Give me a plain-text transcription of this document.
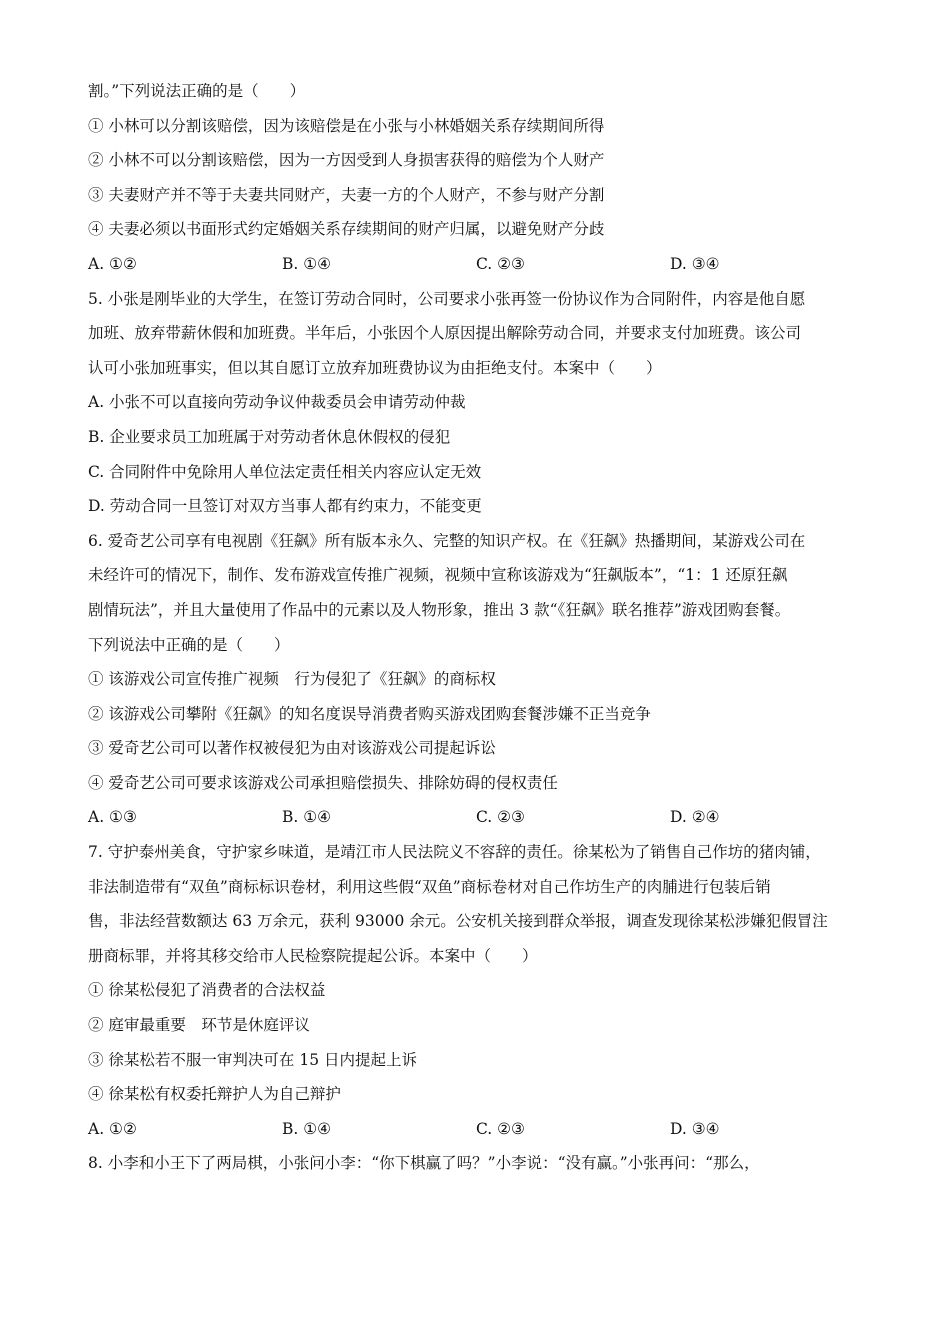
割。”下列说法正确的是（　　）
① 小林可以分割该赔偿，因为该赔偿是在小张与小林婚姻关系存续期间所得
② 小林不可以分割该赔偿，因为一方因受到人身损害获得的赔偿为个人财产
③ 夫妻财产并不等于夫妻共同财产，夫妻一方的个人财产，不参与财产分割
④ 夫妻必须以书面形式约定婚姻关系存续期间的财产归属，以避免财产分歧
A. ①②	B. ①④	C. ②③	D. ③④
5. 小张是刚毕业的大学生，在签订劳动合同时，公司要求小张再签一份协议作为合同附件，内容是他自愿
加班、放弃带薪休假和加班费。半年后，小张因个人原因提出解除劳动合同，并要求支付加班费。该公司
认可小张加班事实，但以其自愿订立放弃加班费协议为由拒绝支付。本案中（　　）
A. 小张不可以直接向劳动争议仲裁委员会申请劳动仲裁
B. 企业要求员工加班属于对劳动者休息休假权的侵犯
C. 合同附件中免除用人单位法定责任相关内容应认定无效
D. 劳动合同一旦签订对双方当事人都有约束力，不能变更
6. 爱奇艺公司享有电视剧《狂飙》所有版本永久、完整的知识产权。在《狂飙》热播期间，某游戏公司在
未经许可的情况下，制作、发布游戏宣传推广视频，视频中宣称该游戏为“狂飙版本”，“1：1 还原狂飙
剧情玩法”，并且大量使用了作品中的元素以及人物形象，推出 3 款“《狂飙》联名推荐”游戏团购套餐。
下列说法中正确的是（　　）
① 该游戏公司宣传推广视频　行为侵犯了《狂飙》的商标权
② 该游戏公司攀附《狂飙》的知名度误导消费者购买游戏团购套餐涉嫌不正当竞争
③ 爱奇艺公司可以著作权被侵犯为由对该游戏公司提起诉讼
④ 爱奇艺公司可要求该游戏公司承担赔偿损失、排除妨碍的侵权责任
A. ①③	B. ①④	C. ②③	D. ②④
7. 守护泰州美食，守护家乡味道，是靖江市人民法院义不容辞的责任。徐某松为了销售自己作坊的猪肉铺，
非法制造带有“双鱼”商标标识卷材，利用这些假“双鱼”商标卷材对自己作坊生产的肉脯进行包装后销
售，非法经营数额达 63 万余元，获利 93000 余元。公安机关接到群众举报，调查发现徐某松涉嫌犯假冒注
册商标罪，并将其移交给市人民检察院提起公诉。本案中（　　）
① 徐某松侵犯了消费者的合法权益
② 庭审最重要　环节是休庭评议
③ 徐某松若不服一审判决可在 15 日内提起上诉
④ 徐某松有权委托辩护人为自己辩护
A. ①②	B. ①④	C. ②③	D. ③④
8. 小李和小王下了两局棋，小张问小李：“你下棋赢了吗？”小李说：“没有赢。”小张再问：“那么，
